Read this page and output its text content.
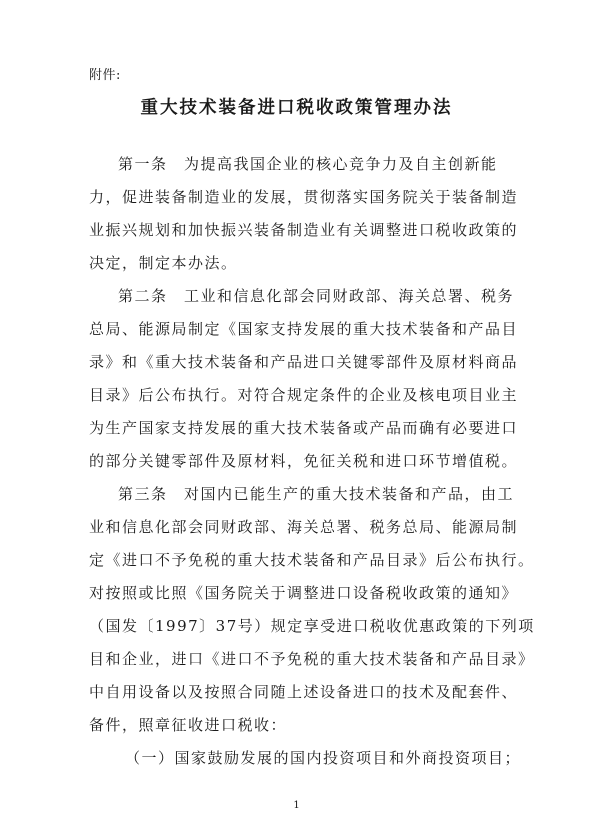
附件:
重大技术装备进口税收政策管理办法
第一条　为提高我国企业的核心竞争力及自主创新能
力，促进装备制造业的发展，贯彻落实国务院关于装备制造
业振兴规划和加快振兴装备制造业有关调整进口税收政策的
决定，制定本办法。
第二条　工业和信息化部会同财政部、海关总署、税务
总局、能源局制定《国家支持发展的重大技术装备和产品目
录》和《重大技术装备和产品进口关键零部件及原材料商品
目录》后公布执行。对符合规定条件的企业及核电项目业主
为生产国家支持发展的重大技术装备或产品而确有必要进口
的部分关键零部件及原材料，免征关税和进口环节增值税。
第三条　对国内已能生产的重大技术装备和产品，由工
业和信息化部会同财政部、海关总署、税务总局、能源局制
定《进口不予免税的重大技术装备和产品目录》后公布执行。
对按照或比照《国务院关于调整进口设备税收政策的通知》
（国发〔1997〕37号）规定享受进口税收优惠政策的下列项
目和企业，进口《进口不予免税的重大技术装备和产品目录》
中自用设备以及按照合同随上述设备进口的技术及配套件、
备件，照章征收进口税收：
（一）国家鼓励发展的国内投资项目和外商投资项目；
1
